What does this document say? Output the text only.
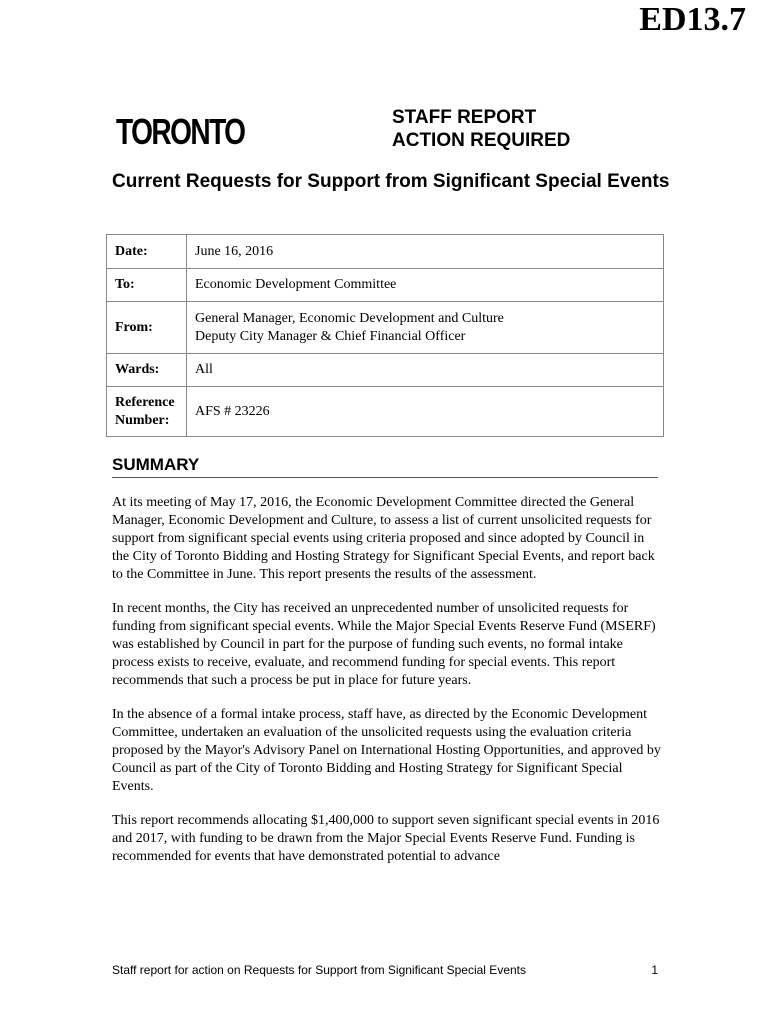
ED13.7
TORONTO	STAFF REPORT
ACTION REQUIRED
Current Requests for Support from Significant Special Events
Date:	June 16, 2016
To:	Economic Development Committee
From:	General Manager, Economic Development and Culture
Deputy City Manager & Chief Financial Officer

Wards:	All

Reference
Number:	AFS # 23226
SUMMARY

At its meeting of May 17, 2016, the Economic Development Committee directed the General Manager, Economic Development and Culture, to assess a list of current unsolicited requests for support from significant special events using criteria proposed and since adopted by Council in the City of Toronto Bidding and Hosting Strategy for Significant Special Events, and report back to the Committee in June. This report presents the results of the assessment.

In recent months, the City has received an unprecedented number of unsolicited requests for funding from significant special events. While the Major Special Events Reserve Fund (MSERF) was established by Council in part for the purpose of funding such events, no formal intake process exists to receive, evaluate, and recommend funding for special events. This report recommends that such a process be put in place for future years.

In the absence of a formal intake process, staff have, as directed by the Economic Development Committee, undertaken an evaluation of the unsolicited requests using the evaluation criteria proposed by the Mayor's Advisory Panel on International Hosting Opportunities, and approved by Council as part of the City of Toronto Bidding and Hosting Strategy for Significant Special Events.

This report recommends allocating $1,400,000 to support seven significant special events in 2016 and 2017, with funding to be drawn from the Major Special Events Reserve Fund. Funding is recommended for events that have demonstrated potential to advance

Staff report for action on Requests for Support from Significant Special Events	1
